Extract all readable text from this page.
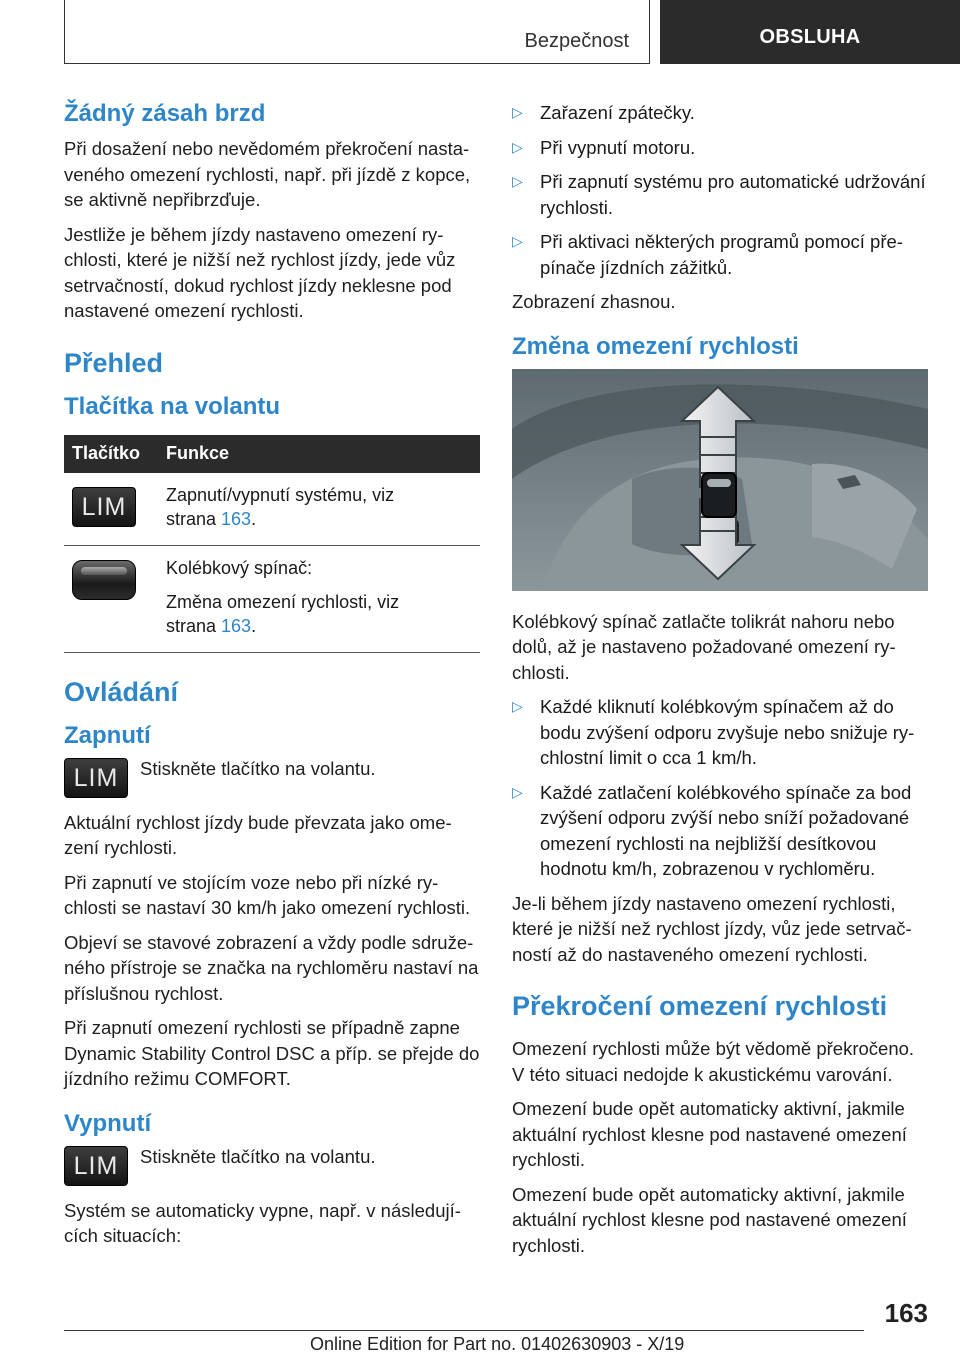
Bezpečnost	OBSLUHA
Žádný zásah brzd

Při dosažení nebo nevědomém překročení nastaveného omezení rychlosti, např. při jízdě z kopce, se aktivně nepřibrzďuje.

Jestliže je během jízdy nastaveno omezení rychlosti, které je nižší než rychlost jízdy, jede vůz setrvačností, dokud rychlost jízdy neklesne pod nastavené omezení rychlosti.

Přehled
Tlačítka na volantu
Tlačítko	Funkce
LIM	Zapnutí/vypnutí systému, viz
strana 163.

	Kolébkový spínač:
Změna omezení rychlosti, viz
strana 163.
Ovládání
Zapnutí
LIM	Stiskněte tlačítko na volantu.

Aktuální rychlost jízdy bude převzata jako omezení rychlosti.

Při zapnutí ve stojícím voze nebo při nízké rychlosti se nastaví 30 km/h jako omezení rychlosti.

Objeví se stavové zobrazení a vždy podle sdruženého přístroje se značka na rychloměru nastaví na příslušnou rychlost.

Při zapnutí omezení rychlosti se případně zapne Dynamic Stability Control DSC a příp. se přejde do jízdního režimu COMFORT.

Vypnutí
LIM	Stiskněte tlačítko na volantu.

Systém se automaticky vypne, např. v následujících situacích:

▷ Zařazení zpátečky.
▷ Při vypnutí motoru.
▷ Při zapnutí systému pro automatické udržování rychlosti.
▷ Při aktivaci některých programů pomocí přepínače jízdních zážitků.

Zobrazení zhasnou.

Změna omezení rychlosti

Kolébkový spínač zatlačte tolikrát nahoru nebo dolů, až je nastaveno požadované omezení rychlosti.

▷ Každé kliknutí kolébkovým spínačem až do bodu zvýšení odporu zvyšuje nebo snižuje rychlostní limit o cca 1 km/h.
▷ Každé zatlačení kolébkového spínače za bod zvýšení odporu zvýší nebo sníží požadované omezení rychlosti na nejbližší desítkovou hodnotu km/h, zobrazenou v rychloměru.

Je-li během jízdy nastaveno omezení rychlosti, které je nižší než rychlost jízdy, vůz jede setrvačností až do nastaveného omezení rychlosti.

Překročení omezení rychlosti

Omezení rychlosti může být vědomě překročeno. V této situaci nedojde k akustickému varování.

Omezení bude opět automaticky aktivní, jakmile aktuální rychlost klesne pod nastavené omezení rychlosti.

Omezení bude opět automaticky aktivní, jakmile aktuální rychlost klesne pod nastavené omezení rychlosti.

163
Online Edition for Part no. 01402630903 - X/19
